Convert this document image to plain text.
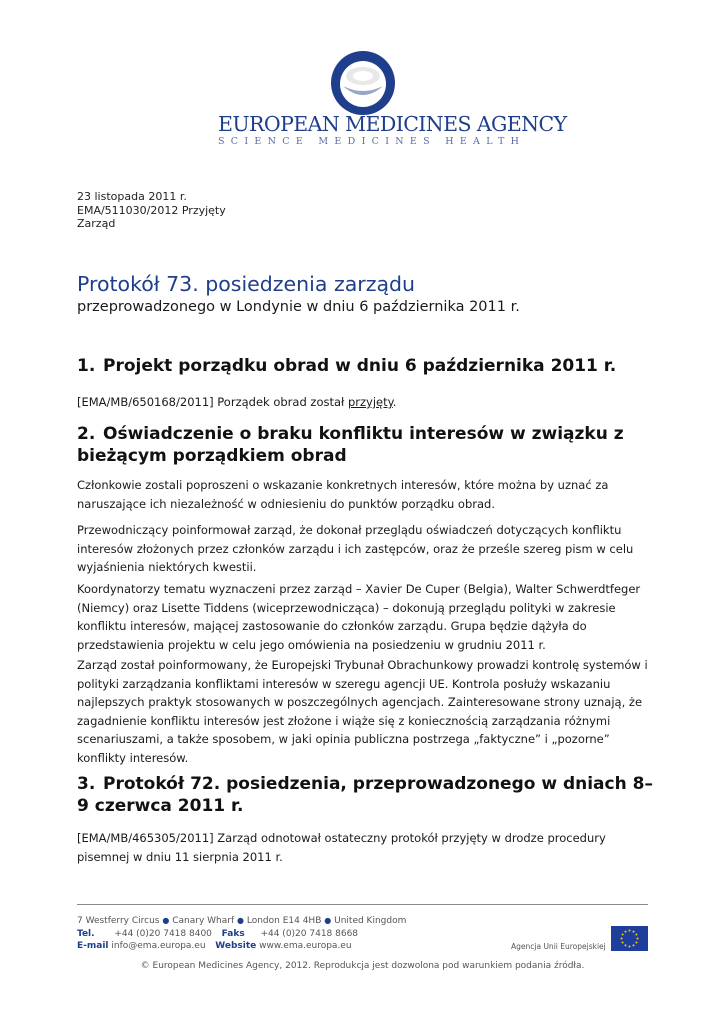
EUROPEAN MEDICINES AGENCY
SCIENCE MEDICINES HEALTH
23 listopada 2011 r.
EMA/511030/2012 Przyjęty
Zarząd
Protokół 73. posiedzenia zarządu
przeprowadzonego w Londynie w dniu 6 października 2011 r.
1. Projekt porządku obrad w dniu 6 października 2011 r.

[EMA/MB/650168/2011] Porządek obrad został przyjęty.

2. Oświadczenie o braku konfliktu interesów w związku z
bieżącym porządkiem obrad

Członkowie zostali poproszeni o wskazanie konkretnych interesów, które można by uznać za naruszające ich niezależność w odniesieniu do punktów porządku obrad.

Przewodniczący poinformował zarząd, że dokonał przeglądu oświadczeń dotyczących konfliktu interesów złożonych przez członków zarządu i ich zastępców, oraz że prześle szereg pism w celu wyjaśnienia niektórych kwestii.

Koordynatorzy tematu wyznaczeni przez zarząd – Xavier De Cuper (Belgia), Walter Schwerdtfeger (Niemcy) oraz Lisette Tiddens (wiceprzewodnicząca) – dokonują przeglądu polityki w zakresie konfliktu interesów, mającej zastosowanie do członków zarządu. Grupa będzie dążyła do przedstawienia projektu w celu jego omówienia na posiedzeniu w grudniu 2011 r.

Zarząd został poinformowany, że Europejski Trybunał Obrachunkowy prowadzi kontrolę systemów i polityki zarządzania konfliktami interesów w szeregu agencji UE. Kontrola posłuży wskazaniu najlepszych praktyk stosowanych w poszczególnych agencjach. Zainteresowane strony uznają, że zagadnienie konfliktu interesów jest złożone i wiąże się z koniecznością zarządzania różnymi scenariuszami, a także sposobem, w jaki opinia publiczna postrzega „faktyczne” i „pozorne” konflikty interesów.

3. Protokół 72. posiedzenia, przeprowadzonego w dniach 8–
9 czerwca 2011 r.

[EMA/MB/465305/2011] Zarząd odnotował ostateczny protokół przyjęty w drodze procedury pisemnej w dniu 11 sierpnia 2011 r.

7 Westferry Circus ● Canary Wharf ● London E14 4HB ● United Kingdom
Tel. +44 (0)20 7418 8400 Faks +44 (0)20 7418 8668
E-mail info@ema.europa.eu Website www.ema.europa.eu	Agencja Unii Europejskiej
© European Medicines Agency, 2012. Reprodukcja jest dozwolona pod warunkiem podania źródła.
